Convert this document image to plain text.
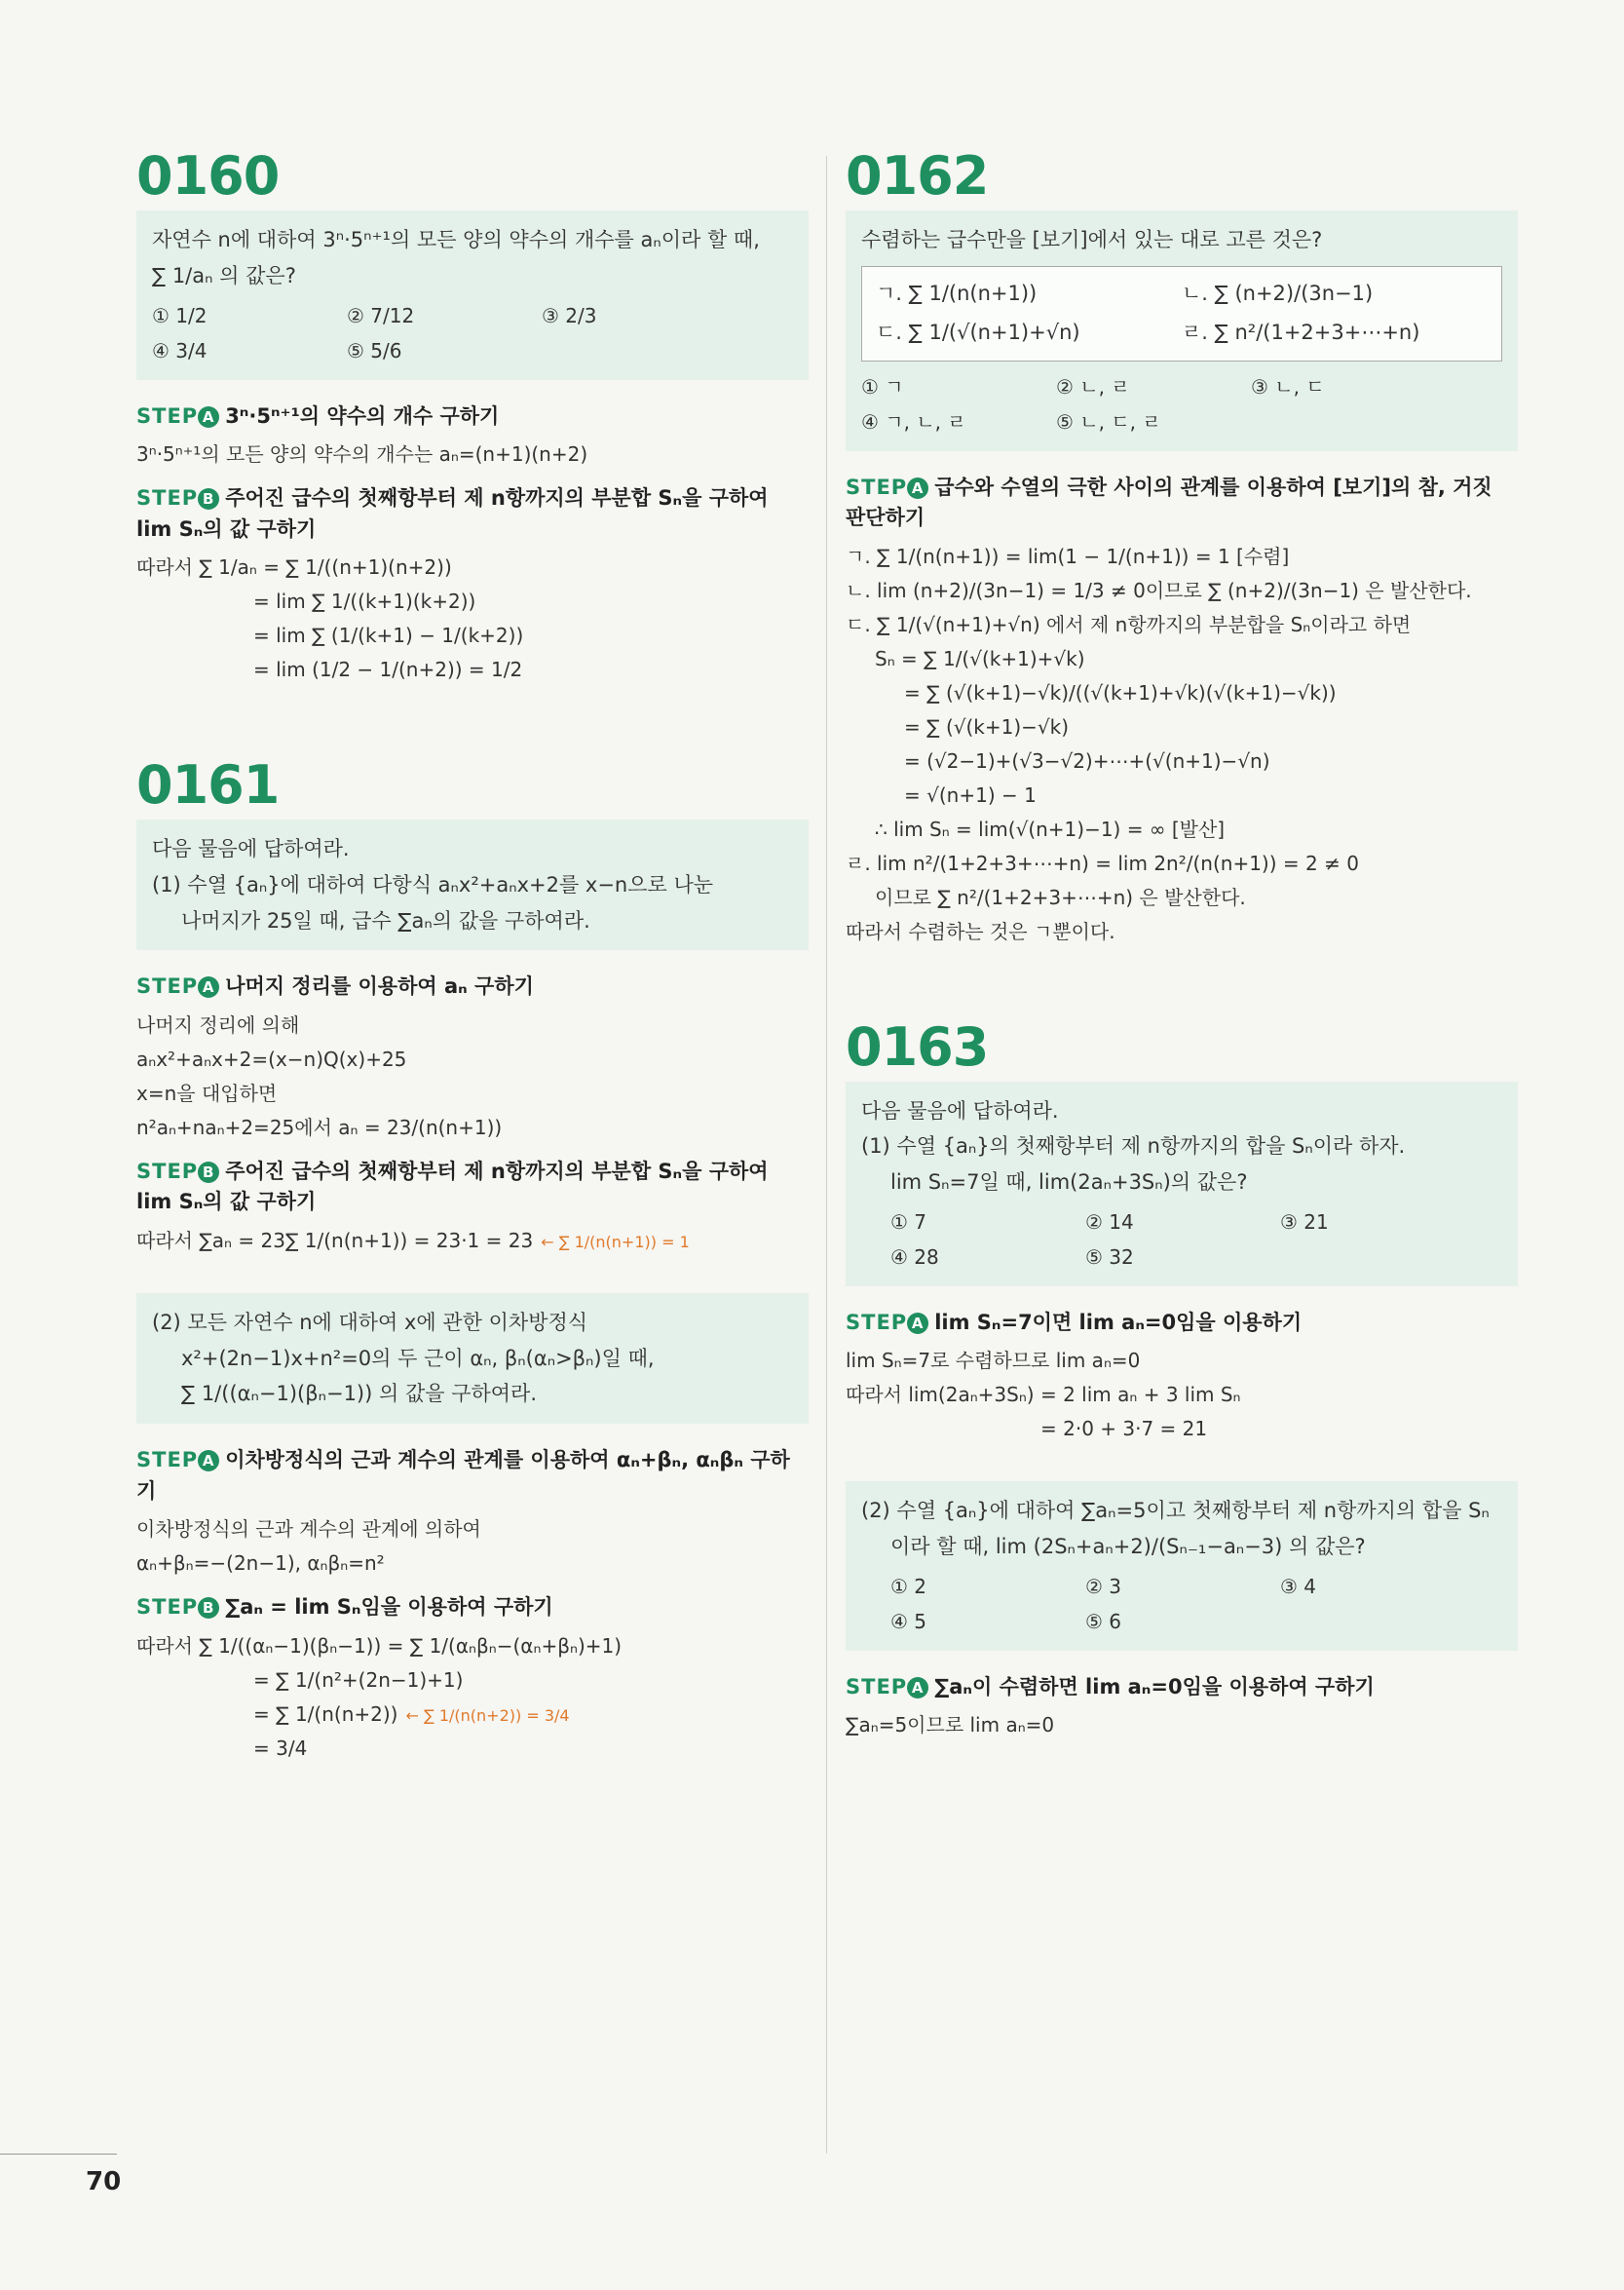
0160

자연수 n에 대하여 3ⁿ·5ⁿ⁺¹의 모든 양의 약수의 개수를 aₙ이라 할 때,

∑ 1/aₙ 의 값은?

① 1/2	② 7/12	③ 2/3
④ 3/4	⑤ 5/6
STEP A 3ⁿ·5ⁿ⁺¹의 약수의 개수 구하기

3ⁿ·5ⁿ⁺¹의 모든 양의 약수의 개수는 aₙ=(n+1)(n+2)

STEP B 주어진 급수의 첫째항부터 제 n항까지의 부분합 Sₙ을 구하여 lim Sₙ의 값 구하기

따라서 ∑ 1/aₙ = ∑ 1/((n+1)(n+2))

= lim ∑ 1/((k+1)(k+2))

= lim ∑ (1/(k+1) − 1/(k+2))

= lim (1/2 − 1/(n+2)) = 1/2

0161

다음 물음에 답하여라.

(1) 수열 {aₙ}에 대하여 다항식 aₙx²+aₙx+2를 x−n으로 나눈

나머지가 25일 때, 급수 ∑aₙ의 값을 구하여라.

STEP A 나머지 정리를 이용하여 aₙ 구하기

나머지 정리에 의해

aₙx²+aₙx+2=(x−n)Q(x)+25

x=n을 대입하면

n²aₙ+naₙ+2=25에서 aₙ = 23/(n(n+1))

STEP B 주어진 급수의 첫째항부터 제 n항까지의 부분합 Sₙ을 구하여 lim Sₙ의 값 구하기

따라서 ∑aₙ = 23∑ 1/(n(n+1)) = 23·1 = 23 ← ∑ 1/(n(n+1)) = 1

(2) 모든 자연수 n에 대하여 x에 관한 이차방정식

x²+(2n−1)x+n²=0의 두 근이 αₙ, βₙ(αₙ>βₙ)일 때,

∑ 1/((αₙ−1)(βₙ−1)) 의 값을 구하여라.

STEP A 이차방정식의 근과 계수의 관계를 이용하여 αₙ+βₙ, αₙβₙ 구하기

이차방정식의 근과 계수의 관계에 의하여

αₙ+βₙ=−(2n−1), αₙβₙ=n²

STEP B ∑aₙ = lim Sₙ임을 이용하여 구하기

따라서 ∑ 1/((αₙ−1)(βₙ−1)) = ∑ 1/(αₙβₙ−(αₙ+βₙ)+1)

= ∑ 1/(n²+(2n−1)+1)

= ∑ 1/(n(n+2)) ← ∑ 1/(n(n+2)) = 3/4

= 3/4

0162

수렴하는 급수만을 [보기]에서 있는 대로 고른 것은?

ㄱ. ∑ 1/(n(n+1))	ㄴ. ∑ (n+2)/(3n−1)
ㄷ. ∑ 1/(√(n+1)+√n)	ㄹ. ∑ n²/(1+2+3+⋯+n)
① ㄱ	② ㄴ, ㄹ	③ ㄴ, ㄷ
④ ㄱ, ㄴ, ㄹ	⑤ ㄴ, ㄷ, ㄹ
STEP A 급수와 수열의 극한 사이의 관계를 이용하여 [보기]의 참, 거짓 판단하기

ㄱ. ∑ 1/(n(n+1)) = lim(1 − 1/(n+1)) = 1 [수렴]

ㄴ. lim (n+2)/(3n−1) = 1/3 ≠ 0이므로 ∑ (n+2)/(3n−1) 은 발산한다.

ㄷ. ∑ 1/(√(n+1)+√n) 에서 제 n항까지의 부분합을 Sₙ이라고 하면

Sₙ = ∑ 1/(√(k+1)+√k)

= ∑ (√(k+1)−√k)/((√(k+1)+√k)(√(k+1)−√k))

= ∑ (√(k+1)−√k)

= (√2−1)+(√3−√2)+⋯+(√(n+1)−√n)

= √(n+1) − 1

∴ lim Sₙ = lim(√(n+1)−1) = ∞ [발산]

ㄹ. lim n²/(1+2+3+⋯+n) = lim 2n²/(n(n+1)) = 2 ≠ 0

이므로 ∑ n²/(1+2+3+⋯+n) 은 발산한다.

따라서 수렴하는 것은 ㄱ뿐이다.

0163

다음 물음에 답하여라.

(1) 수열 {aₙ}의 첫째항부터 제 n항까지의 합을 Sₙ이라 하자.

lim Sₙ=7일 때, lim(2aₙ+3Sₙ)의 값은?

① 7	② 14	③ 21
④ 28	⑤ 32
STEP A lim Sₙ=7이면 lim aₙ=0임을 이용하기

lim Sₙ=7로 수렴하므로 lim aₙ=0

따라서 lim(2aₙ+3Sₙ) = 2 lim aₙ + 3 lim Sₙ

= 2·0 + 3·7 = 21

(2) 수열 {aₙ}에 대하여 ∑aₙ=5이고 첫째항부터 제 n항까지의 합을 Sₙ

이라 할 때, lim (2Sₙ+aₙ+2)/(Sₙ₋₁−aₙ−3) 의 값은?

① 2	② 3	③ 4
④ 5	⑤ 6
STEP A ∑aₙ이 수렴하면 lim aₙ=0임을 이용하여 구하기

∑aₙ=5이므로 lim aₙ=0

70
